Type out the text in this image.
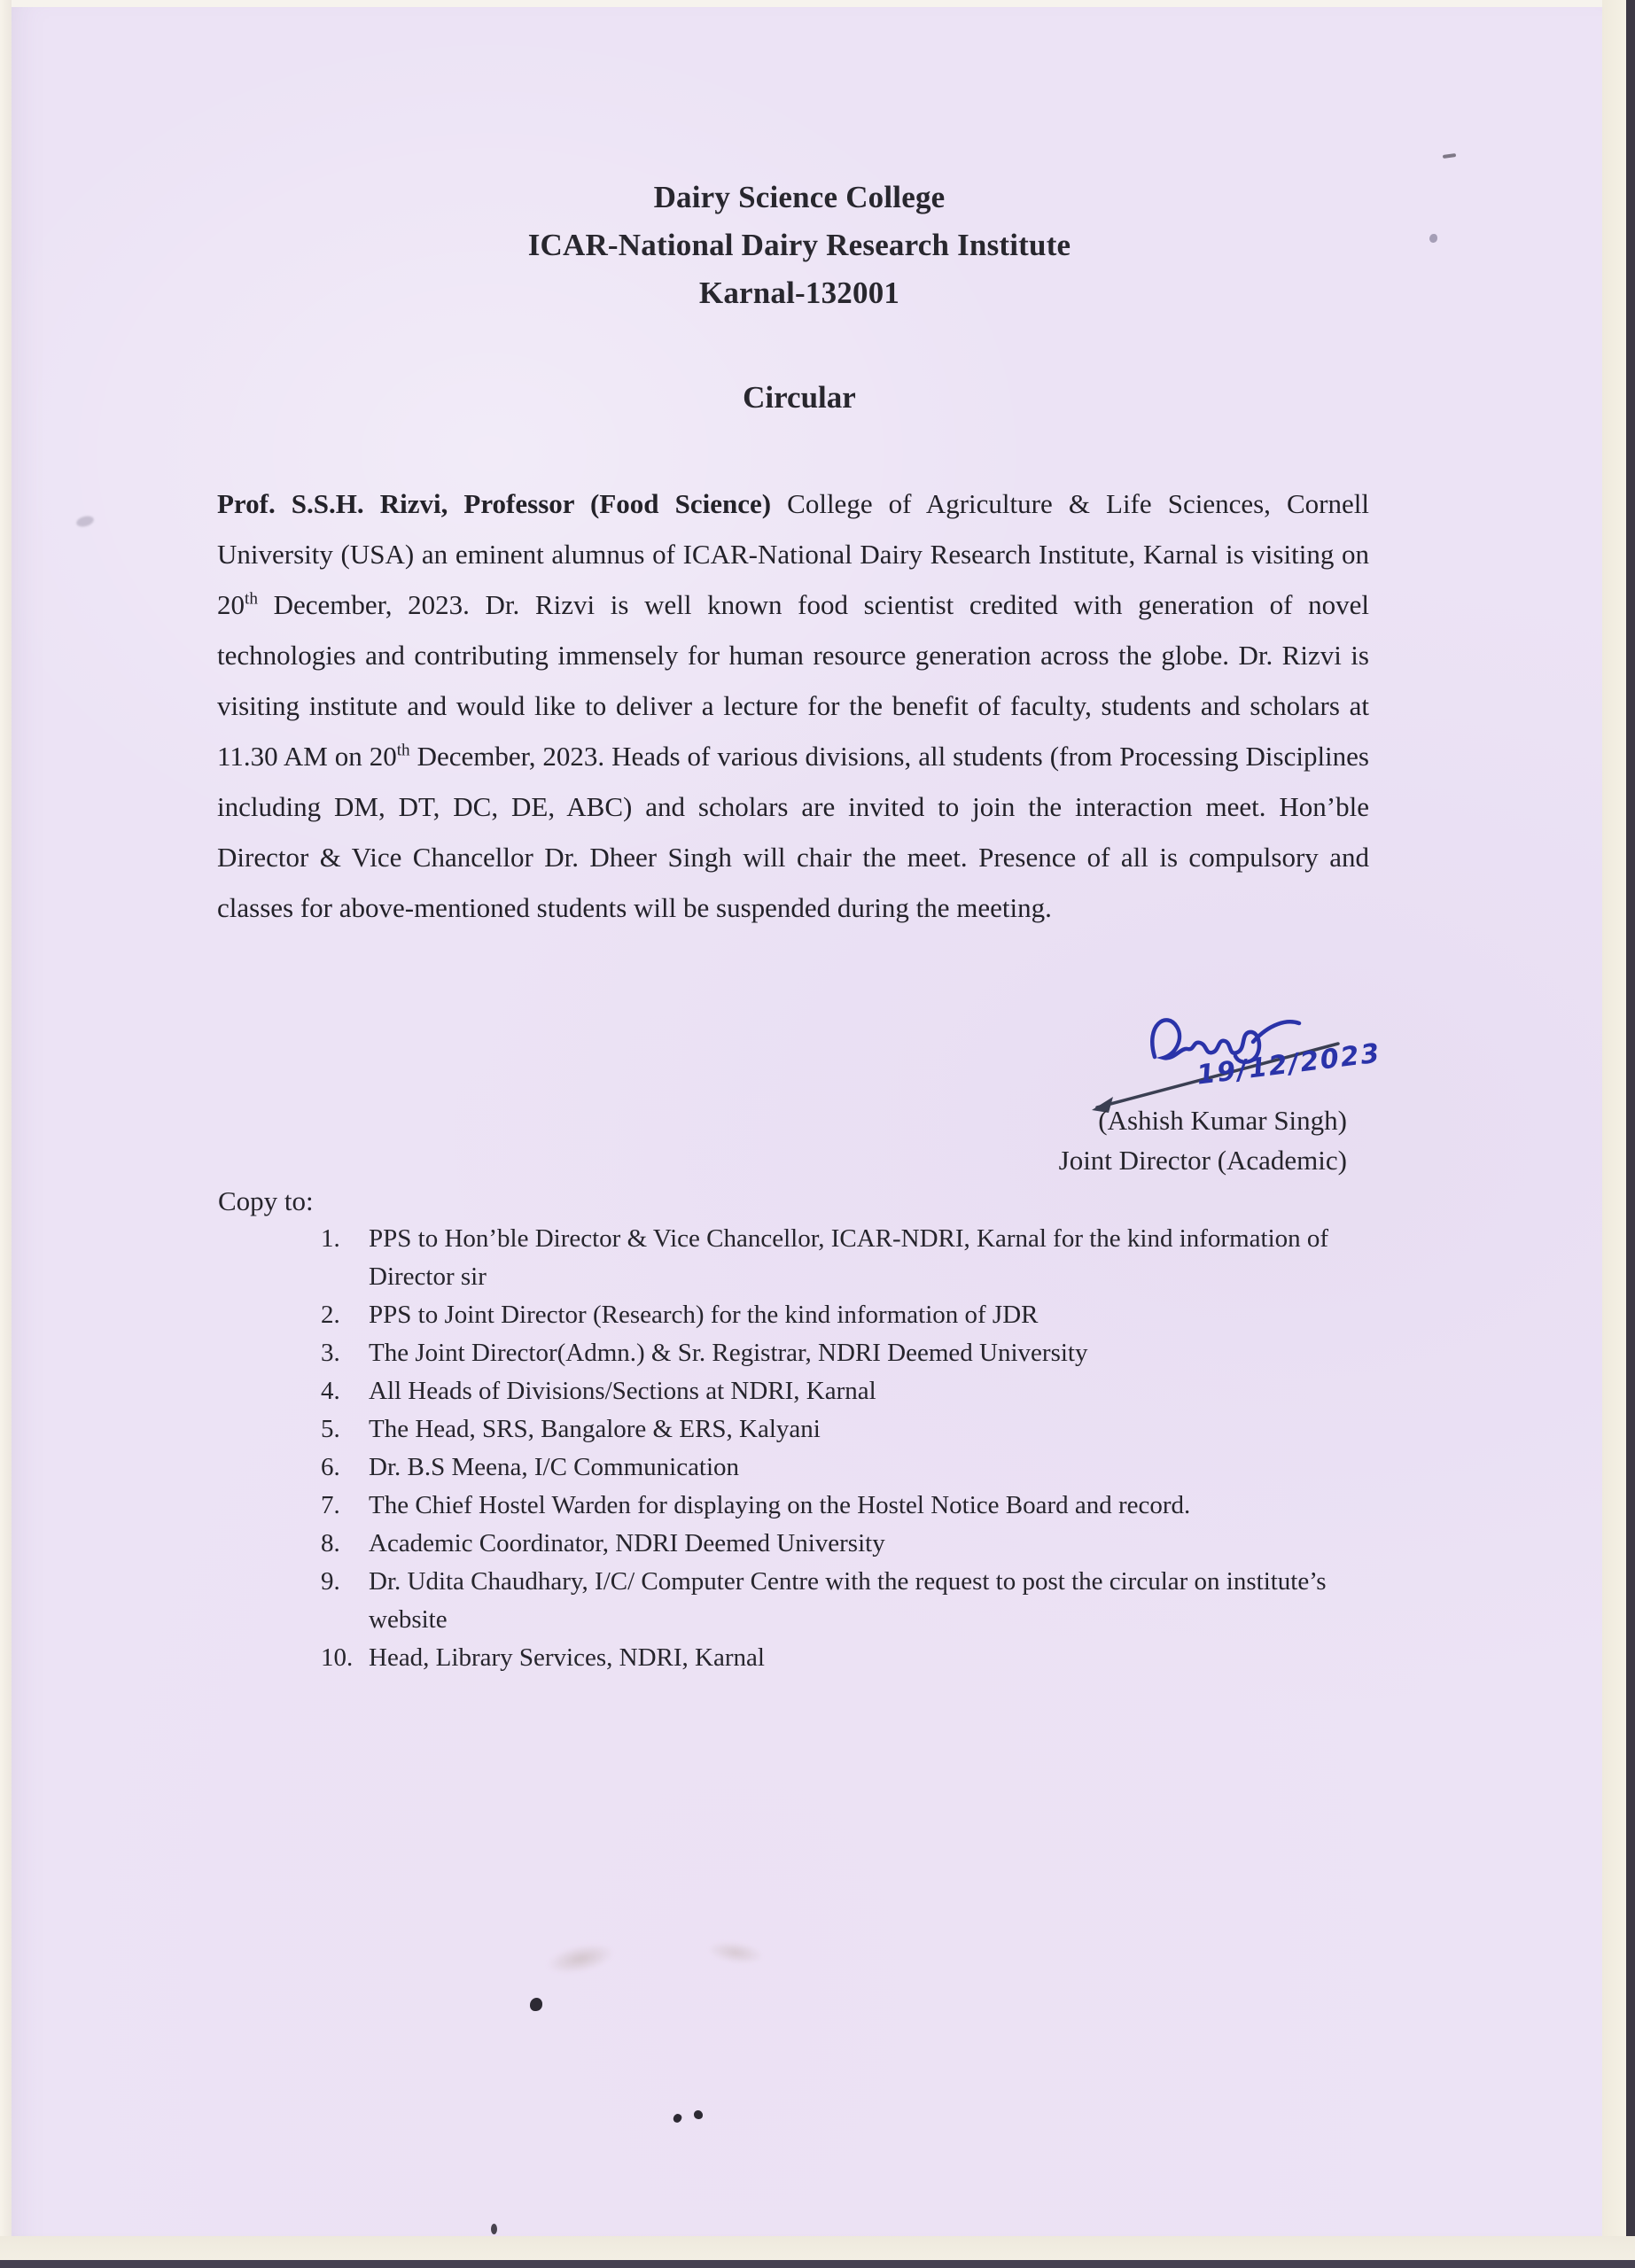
Dairy Science College
ICAR-National Dairy Research Institute
Karnal-132001
Circular

Prof. S.S.H. Rizvi, Professor (Food Science) College of Agriculture & Life Sciences, Cornell University (USA) an eminent alumnus of ICAR-National Dairy Research Institute, Karnal is visiting on 20th December, 2023. Dr. Rizvi is well known food scientist credited with generation of novel technologies and contributing immensely for human resource generation across the globe. Dr. Rizvi is visiting institute and would like to deliver a lecture for the benefit of faculty, students and scholars at 11.30 AM on 20th December, 2023. Heads of various divisions, all students (from Processing Disciplines including DM, DT, DC, DE, ABC) and scholars are invited to join the interaction meet. Hon’ble Director & Vice Chancellor Dr. Dheer Singh will chair the meet. Presence of all is compulsory and classes for above-mentioned students will be suspended during the meeting.

19/12/2023
(Ashish Kumar Singh)
Joint Director (Academic)
Copy to:
1.	PPS to Hon’ble Director & Vice Chancellor, ICAR-NDRI, Karnal for the kind information of Director sir
2.	PPS to Joint Director (Research) for the kind information of JDR
3.	The Joint Director(Admn.) & Sr. Registrar, NDRI Deemed University
4.	All Heads of Divisions/Sections at NDRI, Karnal
5.	The Head, SRS, Bangalore & ERS, Kalyani
6.	Dr. B.S Meena, I/C Communication
7.	The Chief Hostel Warden for displaying on the Hostel Notice Board and record.
8.	Academic Coordinator, NDRI Deemed University
9.	Dr. Udita Chaudhary, I/C/ Computer Centre with the request to post the circular on institute’s website
10. Head, Library Services, NDRI, Karnal
